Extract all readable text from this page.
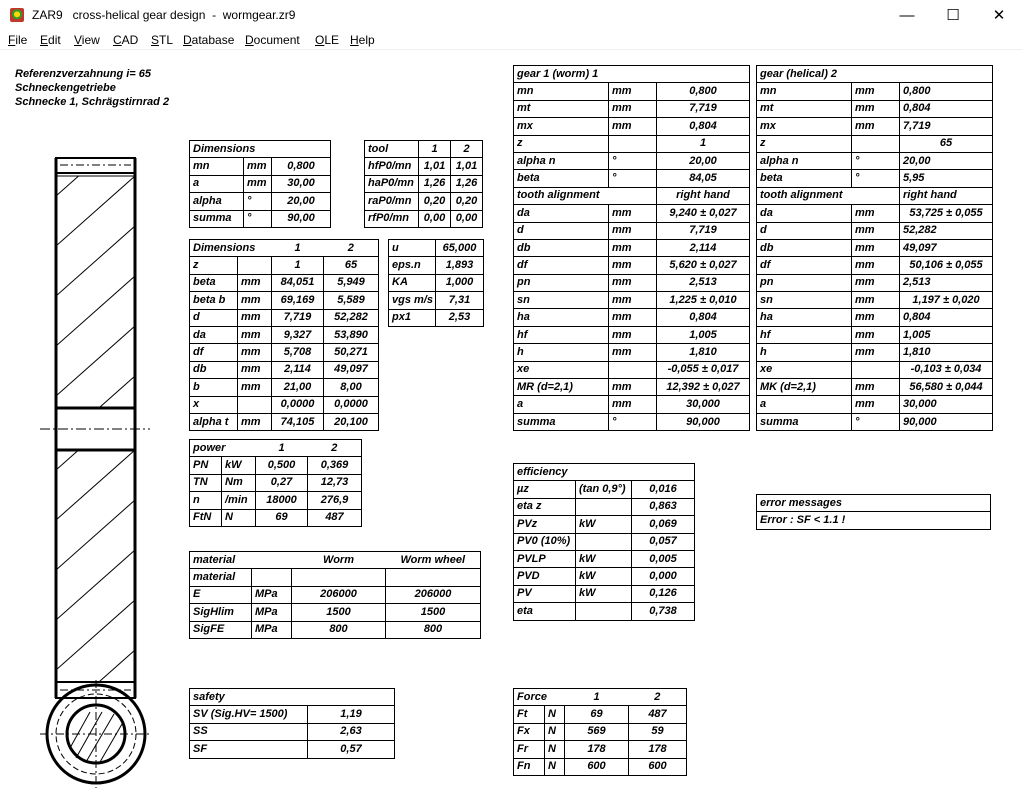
ZAR9   cross-helical gear design  -  wormgear.zr9	—	☐	✕
File Edit View CAD STL Database Document OLE Help
Referenzverzahnung i= 65
Schneckengetriebe
Schnecke 1, Schrägstirnrad 2
Dimensions		
mn	mm	0,800
a	mm	30,00
alpha	°	20,00
summa	°	90,00
tool	1	2
hfP0/mn	1,01	1,01
haP0/mn	1,26	1,26
raP0/mn	0,20	0,20
rfP0/mn	0,00	0,00
Dimensions		1	2
z		1	65
beta	mm	84,051	5,949
beta b	mm	69,169	5,589
d	mm	7,719	52,282
da	mm	9,327	53,890
df	mm	5,708	50,271
db	mm	2,114	49,097
b	mm	21,00	8,00
x		0,0000	0,0000
alpha t	mm	74,105	20,100
u	65,000
eps.n	1,893
KA	1,000
vgs m/s	7,31
px1	2,53
gear 1 (worm) 1		
mn	mm	0,800
mt	mm	7,719
mx	mm	0,804
z		1
alpha n	°	20,00
beta	°	84,05
tooth alignment		right hand
da	mm	9,240 ± 0,027
d	mm	7,719
db	mm	2,114
df	mm	5,620 ± 0,027
pn	mm	2,513
sn	mm	1,225 ± 0,010
ha	mm	0,804
hf	mm	1,005
h	mm	1,810
xe		-0,055 ± 0,017
MR (d=2,1)	mm	12,392 ± 0,027
a	mm	30,000
summa	°	90,000
gear (helical) 2		
mn	mm	0,800
mt	mm	0,804
mx	mm	7,719
z		65
alpha n	°	20,00
beta	°	5,95
tooth alignment		right hand
da	mm	53,725 ± 0,055
d	mm	52,282
db	mm	49,097
df	mm	50,106 ± 0,055
pn	mm	2,513
sn	mm	1,197 ± 0,020
ha	mm	0,804
hf	mm	1,005
h	mm	1,810
xe		-0,103 ± 0,034
MK (d=2,1)	mm	56,580 ± 0,044
a	mm	30,000
summa	°	90,000
power		1	2
PN	kW	0,500	0,369
TN	Nm	0,27	12,73
n	/min	18000	276,9
FtN	N	69	487
material		Worm	Worm wheel
material			
E	MPa	206000	206000
SigHlim	MPa	1500	1500
SigFE	MPa	800	800
efficiency		
µz	(tan 0,9°)	0,016
eta z		0,863
PVz	kW	0,069
PV0 (10%)		0,057
PVLP	kW	0,005
PVD	kW	0,000
PV	kW	0,126
eta		0,738
error messages
Error : SF < 1.1 !
safety	
SV (Sig.HV= 1500)	1,19
SS	2,63
SF	0,57
Force		1	2
Ft	N	69	487
Fx	N	569	59
Fr	N	178	178
Fn	N	600	600
